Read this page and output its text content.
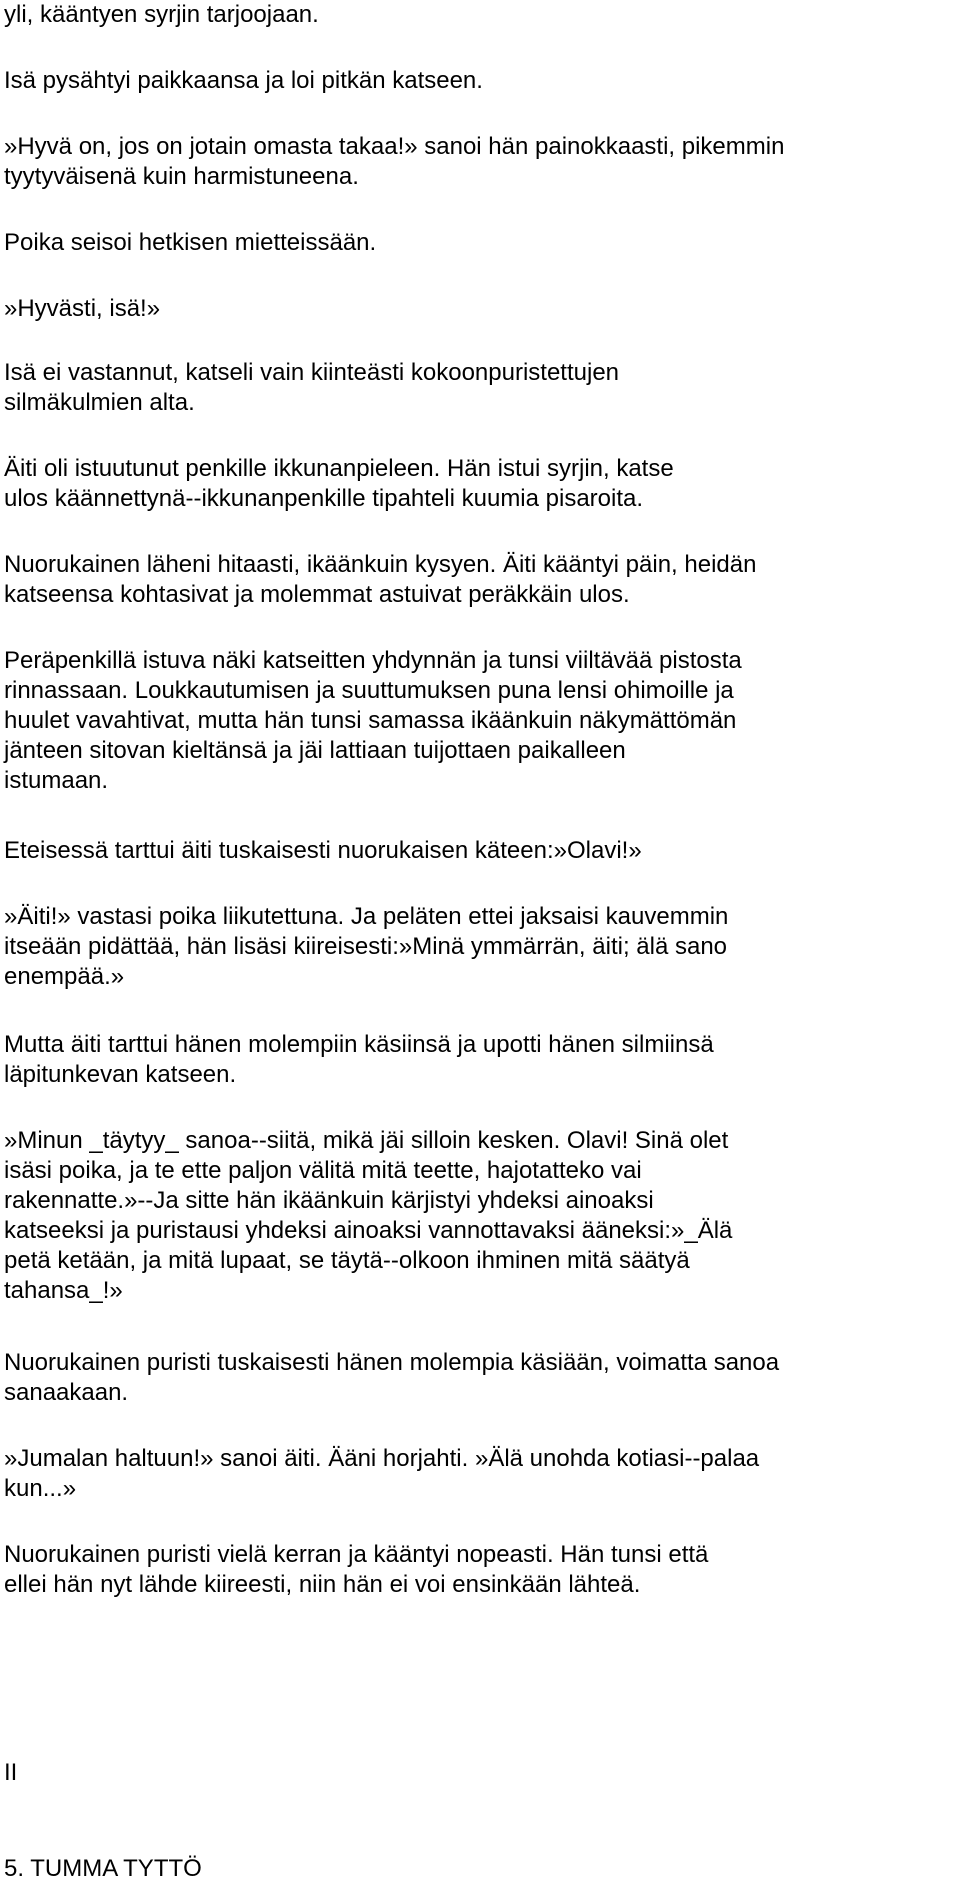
yli, kääntyen syrjin tarjoojaan.

Isä pysähtyi paikkaansa ja loi pitkän katseen.

»Hyvä on, jos on jotain omasta takaa!» sanoi hän painokkaasti, pikemmin
tyytyväisenä kuin harmistuneena.

Poika seisoi hetkisen mietteissään.

»Hyvästi, isä!»

Isä ei vastannut, katseli vain kiinteästi kokoonpuristettujen
silmäkulmien alta.

Äiti oli istuutunut penkille ikkunanpieleen. Hän istui syrjin, katse
ulos käännettynä--ikkunanpenkille tipahteli kuumia pisaroita.

Nuorukainen läheni hitaasti, ikäänkuin kysyen. Äiti kääntyi päin, heidän
katseensa kohtasivat ja molemmat astuivat peräkkäin ulos.

Peräpenkillä istuva näki katseitten yhdynnän ja tunsi viiltävää pistosta
rinnassaan. Loukkautumisen ja suuttumuksen puna lensi ohimoille ja
huulet vavahtivat, mutta hän tunsi samassa ikäänkuin näkymättömän
jänteen sitovan kieltänsä ja jäi lattiaan tuijottaen paikalleen
istumaan.

Eteisessä tarttui äiti tuskaisesti nuorukaisen käteen:»Olavi!»

»Äiti!» vastasi poika liikutettuna. Ja peläten ettei jaksaisi kauvemmin
itseään pidättää, hän lisäsi kiireisesti:»Minä ymmärrän, äiti; älä sano
enempää.»

Mutta äiti tarttui hänen molempiin käsiinsä ja upotti hänen silmiinsä
läpitunkevan katseen.

»Minun _täytyy_ sanoa--siitä, mikä jäi silloin kesken. Olavi! Sinä olet
isäsi poika, ja te ette paljon välitä mitä teette, hajotatteko vai
rakennatte.»--Ja sitte hän ikäänkuin kärjistyi yhdeksi ainoaksi
katseeksi ja puristausi yhdeksi ainoaksi vannottavaksi ääneksi:»_Älä
petä ketään, ja mitä lupaat, se täytä--olkoon ihminen mitä säätyä
tahansa_!»

Nuorukainen puristi tuskaisesti hänen molempia käsiään, voimatta sanoa
sanaakaan.

»Jumalan haltuun!» sanoi äiti. Ääni horjahti. »Älä unohda kotiasi--palaa
kun...»

Nuorukainen puristi vielä kerran ja kääntyi nopeasti. Hän tunsi että
ellei hän nyt lähde kiireesti, niin hän ei voi ensinkään lähteä.

II

5. TUMMA TYTTÖ
